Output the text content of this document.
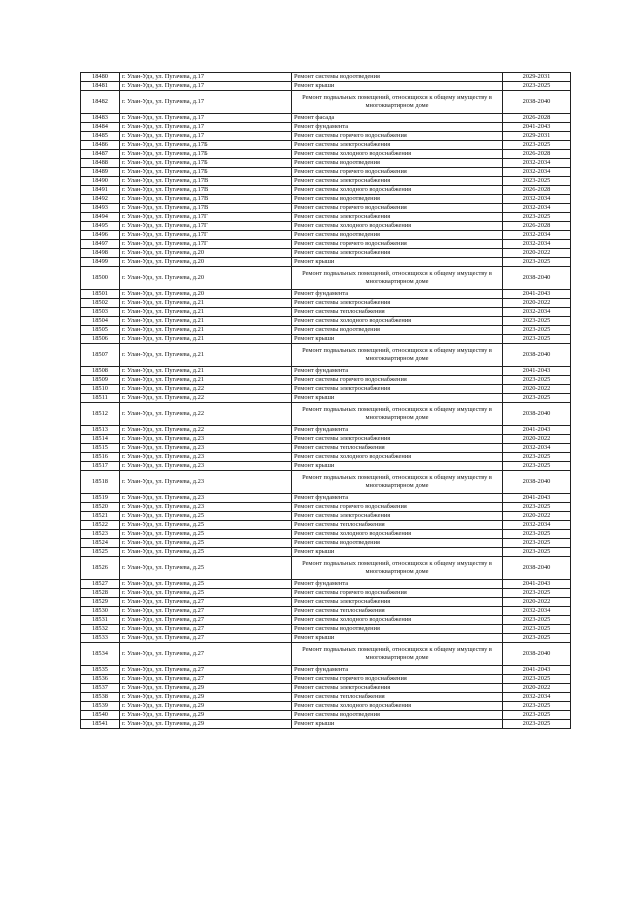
18480	г. Улан-Удэ, ул. Пугачева, д.17	Ремонт системы водоотведения	2029-2031
18481	г. Улан-Удэ, ул. Пугачева, д.17	Ремонт крыши	2023-2025
18482	г. Улан-Удэ, ул. Пугачева, д.17	Ремонт подвальных помещений, относящихся к общему имуществу в многоквартирном доме	2038-2040
18483	г. Улан-Удэ, ул. Пугачева, д.17	Ремонт фасада	2026-2028
18484	г. Улан-Удэ, ул. Пугачева, д.17	Ремонт фундамента	2041-2043
18485	г. Улан-Удэ, ул. Пугачева, д.17	Ремонт системы горячего водоснабжения	2029-2031
18486	г. Улан-Удэ, ул. Пугачева, д.17Б	Ремонт системы электроснабжения	2023-2025
18487	г. Улан-Удэ, ул. Пугачева, д.17Б	Ремонт системы холодного водоснабжения	2026-2028
18488	г. Улан-Удэ, ул. Пугачева, д.17Б	Ремонт системы водоотведения	2032-2034
18489	г. Улан-Удэ, ул. Пугачева, д.17Б	Ремонт системы горячего водоснабжения	2032-2034
18490	г. Улан-Удэ, ул. Пугачева, д.17В	Ремонт системы электроснабжения	2023-2025
18491	г. Улан-Удэ, ул. Пугачева, д.17В	Ремонт системы холодного водоснабжения	2026-2028
18492	г. Улан-Удэ, ул. Пугачева, д.17В	Ремонт системы водоотведения	2032-2034
18493	г. Улан-Удэ, ул. Пугачева, д.17В	Ремонт системы горячего водоснабжения	2032-2034
18494	г. Улан-Удэ, ул. Пугачева, д.17Г	Ремонт системы электроснабжения	2023-2025
18495	г. Улан-Удэ, ул. Пугачева, д.17Г	Ремонт системы холодного водоснабжения	2026-2028
18496	г. Улан-Удэ, ул. Пугачева, д.17Г	Ремонт системы водоотведения	2032-2034
18497	г. Улан-Удэ, ул. Пугачева, д.17Г	Ремонт системы горячего водоснабжения	2032-2034
18498	г. Улан-Удэ, ул. Пугачева, д.20	Ремонт системы электроснабжения	2020-2022
18499	г. Улан-Удэ, ул. Пугачева, д.20	Ремонт крыши	2023-2025
18500	г. Улан-Удэ, ул. Пугачева, д.20	Ремонт подвальных помещений, относящихся к общему имуществу в многоквартирном доме	2038-2040
18501	г. Улан-Удэ, ул. Пугачева, д.20	Ремонт фундамента	2041-2043
18502	г. Улан-Удэ, ул. Пугачева, д.21	Ремонт системы электроснабжения	2020-2022
18503	г. Улан-Удэ, ул. Пугачева, д.21	Ремонт системы теплоснабжения	2032-2034
18504	г. Улан-Удэ, ул. Пугачева, д.21	Ремонт системы холодного водоснабжения	2023-2025
18505	г. Улан-Удэ, ул. Пугачева, д.21	Ремонт системы водоотведения	2023-2025
18506	г. Улан-Удэ, ул. Пугачева, д.21	Ремонт крыши	2023-2025
18507	г. Улан-Удэ, ул. Пугачева, д.21	Ремонт подвальных помещений, относящихся к общему имуществу в многоквартирном доме	2038-2040
18508	г. Улан-Удэ, ул. Пугачева, д.21	Ремонт фундамента	2041-2043
18509	г. Улан-Удэ, ул. Пугачева, д.21	Ремонт системы горячего водоснабжения	2023-2025
18510	г. Улан-Удэ, ул. Пугачева, д.22	Ремонт системы электроснабжения	2020-2022
18511	г. Улан-Удэ, ул. Пугачева, д.22	Ремонт крыши	2023-2025
18512	г. Улан-Удэ, ул. Пугачева, д.22	Ремонт подвальных помещений, относящихся к общему имуществу в многоквартирном доме	2038-2040
18513	г. Улан-Удэ, ул. Пугачева, д.22	Ремонт фундамента	2041-2043
18514	г. Улан-Удэ, ул. Пугачева, д.23	Ремонт системы электроснабжения	2020-2022
18515	г. Улан-Удэ, ул. Пугачева, д.23	Ремонт системы теплоснабжения	2032-2034
18516	г. Улан-Удэ, ул. Пугачева, д.23	Ремонт системы холодного водоснабжения	2023-2025
18517	г. Улан-Удэ, ул. Пугачева, д.23	Ремонт крыши	2023-2025
18518	г. Улан-Удэ, ул. Пугачева, д.23	Ремонт подвальных помещений, относящихся к общему имуществу в многоквартирном доме	2038-2040
18519	г. Улан-Удэ, ул. Пугачева, д.23	Ремонт фундамента	2041-2043
18520	г. Улан-Удэ, ул. Пугачева, д.23	Ремонт системы горячего водоснабжения	2023-2025
18521	г. Улан-Удэ, ул. Пугачева, д.25	Ремонт системы электроснабжения	2020-2022
18522	г. Улан-Удэ, ул. Пугачева, д.25	Ремонт системы теплоснабжения	2032-2034
18523	г. Улан-Удэ, ул. Пугачева, д.25	Ремонт системы холодного водоснабжения	2023-2025
18524	г. Улан-Удэ, ул. Пугачева, д.25	Ремонт системы водоотведения	2023-2025
18525	г. Улан-Удэ, ул. Пугачева, д.25	Ремонт крыши	2023-2025
18526	г. Улан-Удэ, ул. Пугачева, д.25	Ремонт подвальных помещений, относящихся к общему имуществу в многоквартирном доме	2038-2040
18527	г. Улан-Удэ, ул. Пугачева, д.25	Ремонт фундамента	2041-2043
18528	г. Улан-Удэ, ул. Пугачева, д.25	Ремонт системы горячего водоснабжения	2023-2025
18529	г. Улан-Удэ, ул. Пугачева, д.27	Ремонт системы электроснабжения	2020-2022
18530	г. Улан-Удэ, ул. Пугачева, д.27	Ремонт системы теплоснабжения	2032-2034
18531	г. Улан-Удэ, ул. Пугачева, д.27	Ремонт системы холодного водоснабжения	2023-2025
18532	г. Улан-Удэ, ул. Пугачева, д.27	Ремонт системы водоотведения	2023-2025
18533	г. Улан-Удэ, ул. Пугачева, д.27	Ремонт крыши	2023-2025
18534	г. Улан-Удэ, ул. Пугачева, д.27	Ремонт подвальных помещений, относящихся к общему имуществу в многоквартирном доме	2038-2040
18535	г. Улан-Удэ, ул. Пугачева, д.27	Ремонт фундамента	2041-2043
18536	г. Улан-Удэ, ул. Пугачева, д.27	Ремонт системы горячего водоснабжения	2023-2025
18537	г. Улан-Удэ, ул. Пугачева, д.29	Ремонт системы электроснабжения	2020-2022
18538	г. Улан-Удэ, ул. Пугачева, д.29	Ремонт системы теплоснабжения	2032-2034
18539	г. Улан-Удэ, ул. Пугачева, д.29	Ремонт системы холодного водоснабжения	2023-2025
18540	г. Улан-Удэ, ул. Пугачева, д.29	Ремонт системы водоотведения	2023-2025
18541	г. Улан-Удэ, ул. Пугачева, д.29	Ремонт крыши	2023-2025
